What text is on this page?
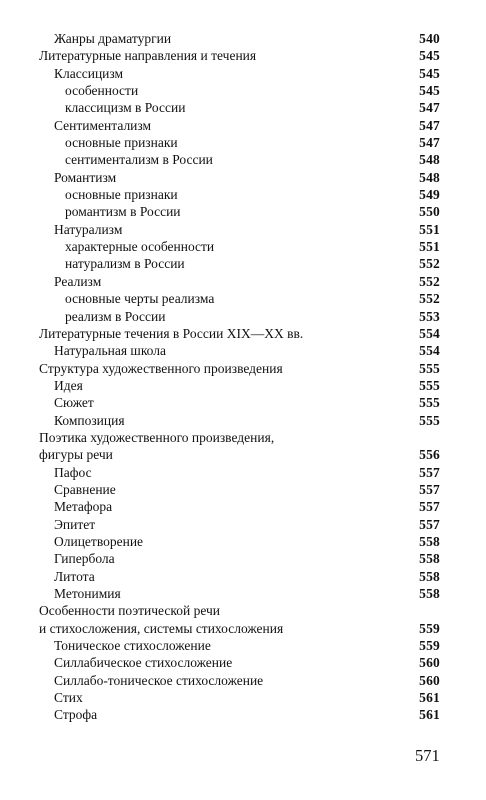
Жанры драматургии	540
Литературные направления и течения	545
Классицизм	545
особенности	545
классицизм в России	547
Сентиментализм	547
основные признаки	547
сентиментализм в России	548
Романтизм	548
основные признаки	549
романтизм в России	550
Натурализм	551
характерные особенности	551
натурализм в России	552
Реализм	552
основные черты реализма	552
реализм в России	553
Литературные течения в России XIX—XX вв.	554
Натуральная школа	554
Структура художественного произведения	555
Идея	555
Сюжет	555
Композиция	555
Поэтика художественного произведения,
фигуры речи	556
Пафос	557
Сравнение	557
Метафора	557
Эпитет	557
Олицетворение	558
Гипербола	558
Литота	558
Метонимия	558
Особенности поэтической речи
и стихосложения, системы стихосложения	559
Тоническое стихосложение	559
Силлабическое стихосложение	560
Силлабо-тоническое стихосложение	560
Стих	561
Строфа	561
571
